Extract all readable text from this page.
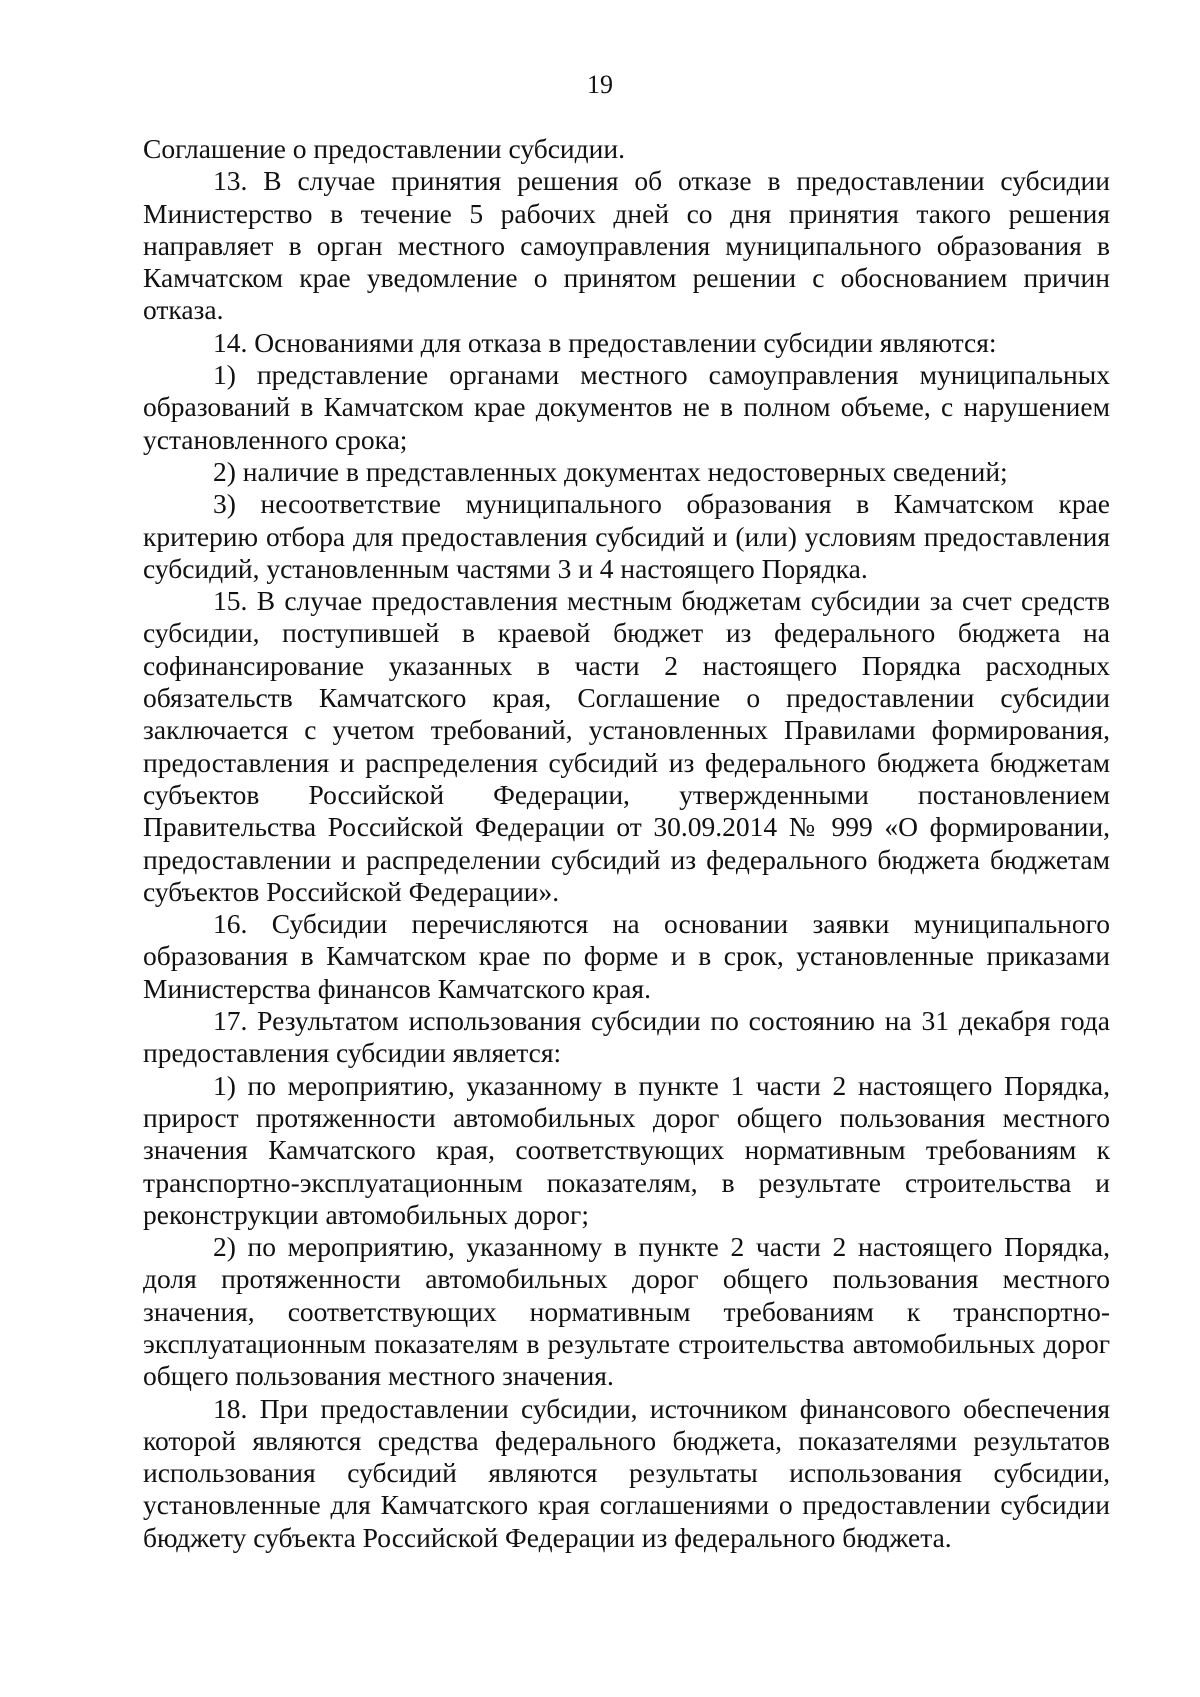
19

Соглашение о предоставлении субсидии.

13. В случае принятия решения об отказе в предоставлении субсидии Министерство в течение 5 рабочих дней со дня принятия такого решения направляет в орган местного самоуправления муниципального образования в Камчатском крае уведомление о принятом решении с обоснованием причин отказа.

14. Основаниями для отказа в предоставлении субсидии являются:

1) представление органами местного самоуправления муниципальных образований в Камчатском крае документов не в полном объеме, с нарушением установленного срока;

2) наличие в представленных документах недостоверных сведений;

3) несоответствие муниципального образования в Камчатском крае критерию отбора для предоставления субсидий и (или) условиям предоставления субсидий, установленным частями 3 и 4 настоящего Порядка.

15. В случае предоставления местным бюджетам субсидии за счет средств субсидии, поступившей в краевой бюджет из федерального бюджета на софинансирование указанных в части 2 настоящего Порядка расходных обязательств Камчатского края, Соглашение о предоставлении субсидии заключается с учетом требований, установленных Правилами формирования, предоставления и распределения субсидий из федерального бюджета бюджетам субъектов Российской Федерации, утвержденными постановлением Правительства Российской Федерации от 30.09.2014 № 999 «О формировании, предоставлении и распределении субсидий из федерального бюджета бюджетам субъектов Российской Федерации».

16. Субсидии перечисляются на основании заявки муниципального образования в Камчатском крае по форме и в срок, установленные приказами Министерства финансов Камчатского края.

17. Результатом использования субсидии по состоянию на 31 декабря года предоставления субсидии является:

1) по мероприятию, указанному в пункте 1 части 2 настоящего Порядка, прирост протяженности автомобильных дорог общего пользования местного значения Камчатского края, соответствующих нормативным требованиям к транспортно-эксплуатационным показателям, в результате строительства и реконструкции автомобильных дорог;

2) по мероприятию, указанному в пункте 2 части 2 настоящего Порядка, доля протяженности автомобильных дорог общего пользования местного значения, соответствующих нормативным требованиям к транспортно-эксплуатационным показателям в результате строительства автомобильных дорог общего пользования местного значения.

18. При предоставлении субсидии, источником финансового обеспечения которой являются средства федерального бюджета, показателями результатов использования субсидий являются результаты использования субсидии, установленные для Камчатского края соглашениями о предоставлении субсидии бюджету субъекта Российской Федерации из федерального бюджета.
